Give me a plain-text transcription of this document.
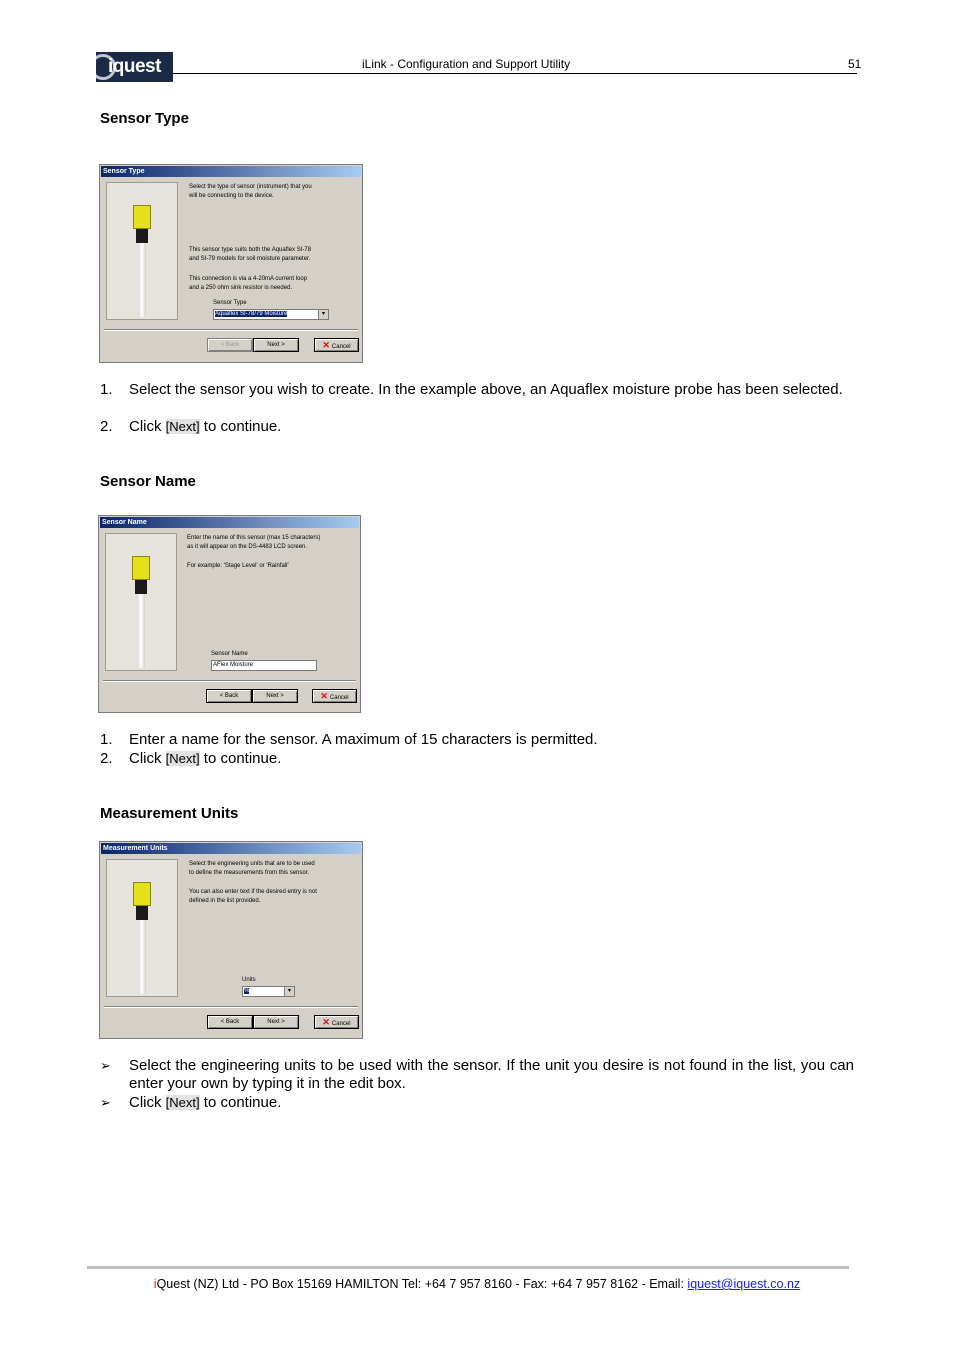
iquest	iLink - Configuration and Support Utility	51
Sensor Type
Sensor Type
Select the type of sensor (instrument) that you
will be connecting to the device.
This sensor type suits both the Aquaflex SI-78
and SI-79 models for soil moisture parameter.
This connection is via a 4-20mA current loop
and a 250 ohm sink resistor is needed.
Sensor Type
Aquaflex SI-78/79 Moisture	▾
< Back	Next >	✕ Cancel
1.	Select the sensor you wish to create. In the example above, an Aquaflex moisture probe has been selected.
2.	Click [Next] to continue.
Sensor Name
Sensor Name
Enter the name of this sensor (max 15 characters)
as it will appear on the DS-4483 LCD screen.
For example: 'Stage Level' or 'Rainfall'
Sensor Name
AFlex Moisture
< Back	Next >	✕ Cancel
1.	Enter a name for the sensor. A maximum of 15 characters is permitted.
2.	Click [Next] to continue.
Measurement Units
Measurement Units
Select the engineering units that are to be used
to define the measurements from this sensor.
You can also enter text if the desired entry is not
defined in the list provided.
Units
%	▾
< Back	Next >	✕ Cancel
➢ Select the engineering units to be used with the sensor. If the unit you desire is not found in the list, you can enter your own by typing it in the edit box.
➢ Click [Next] to continue.
iQuest (NZ) Ltd - PO Box 15169 HAMILTON Tel: +64 7 957 8160 - Fax: +64 7 957 8162 - Email: iquest@iquest.co.nz
